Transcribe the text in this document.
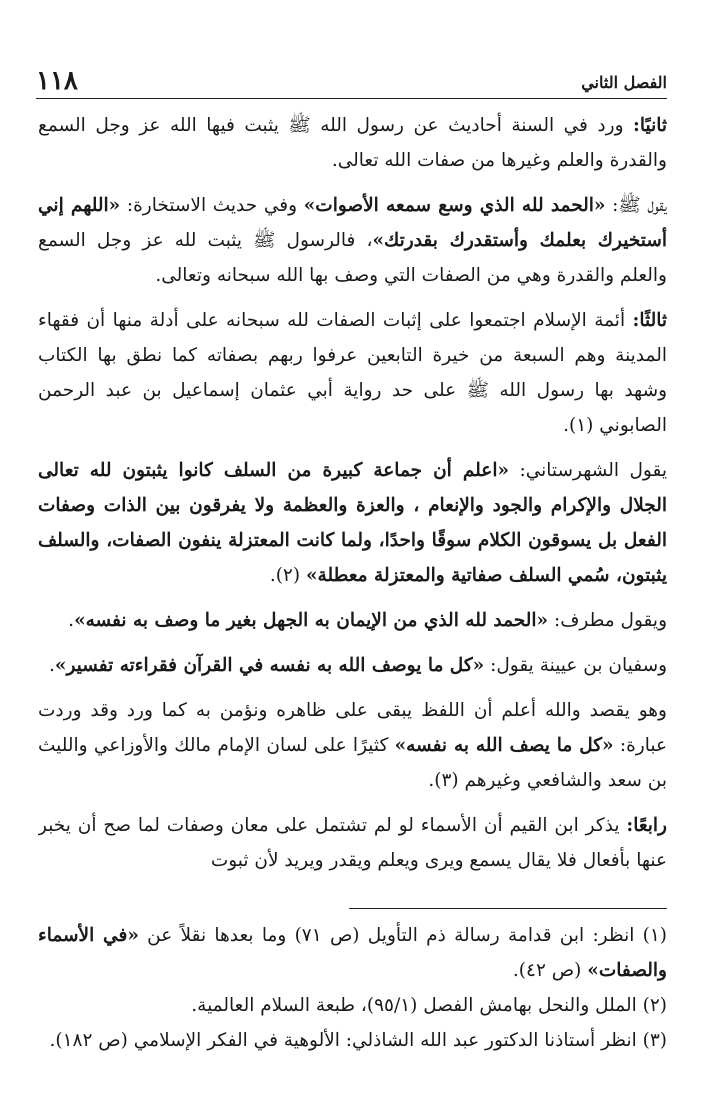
الفصل الثاني
١١٨

ثانيًا: ورد في السنة أحاديث عن رسول الله ﷺ يثبت فيها الله عز وجل السمع والقدرة والعلم وغيرها من صفات الله تعالى.

يقول ﷺ: «الحمد لله الذي وسع سمعه الأصوات» وفي حديث الاستخارة: «اللهم إني أستخيرك بعلمك وأستقدرك بقدرتك»، فالرسول ﷺ يثبت لله عز وجل السمع والعلم والقدرة وهي من الصفات التي وصف بها الله سبحانه وتعالى.

ثالثًا: أئمة الإسلام اجتمعوا على إثبات الصفات لله سبحانه على أدلة منها أن فقهاء المدينة وهم السبعة من خيرة التابعين عرفوا ربهم بصفاته كما نطق بها الكتاب وشهد بها رسول الله ﷺ على حد رواية أبي عثمان إسماعيل بن عبد الرحمن الصابوني (١).

يقول الشهرستاني: «اعلم أن جماعة كبيرة من السلف كانوا يثبتون لله تعالى الجلال والإكرام والجود والإنعام ، والعزة والعظمة ولا يفرقون بين الذات وصفات الفعل بل يسوقون الكلام سوقًا واحدًا، ولما كانت المعتزلة ينفون الصفات، والسلف يثبتون، سُمي السلف صفاتية والمعتزلة معطلة» (٢).

ويقول مطرف: «الحمد لله الذي من الإيمان به الجهل بغير ما وصف به نفسه».

وسفيان بن عيينة يقول: «كل ما يوصف الله به نفسه في القرآن فقراءته تفسير».

وهو يقصد والله أعلم أن اللفظ يبقى على ظاهره ونؤمن به كما ورد وقد وردت عبارة: «كل ما يصف الله به نفسه» كثيرًا على لسان الإمام مالك والأوزاعي والليث بن سعد والشافعي وغيرهم (٣).

رابعًا: يذكر ابن القيم أن الأسماء لو لم تشتمل على معان وصفات لما صح أن يخبر عنها بأفعال فلا يقال يسمع ويرى ويعلم ويقدر ويريد لأن ثبوت

(١) انظر: ابن قدامة رسالة ذم التأويل (ص ٧١) وما بعدها نقلاً عن «في الأسماء والصفات» (ص ٤٢).

(٢) الملل والنحل بهامش الفصل (٩٥/١)، طبعة السلام العالمية.

(٣) انظر أستاذنا الدكتور عبد الله الشاذلي: الألوهية في الفكر الإسلامي (ص ١٨٢).
